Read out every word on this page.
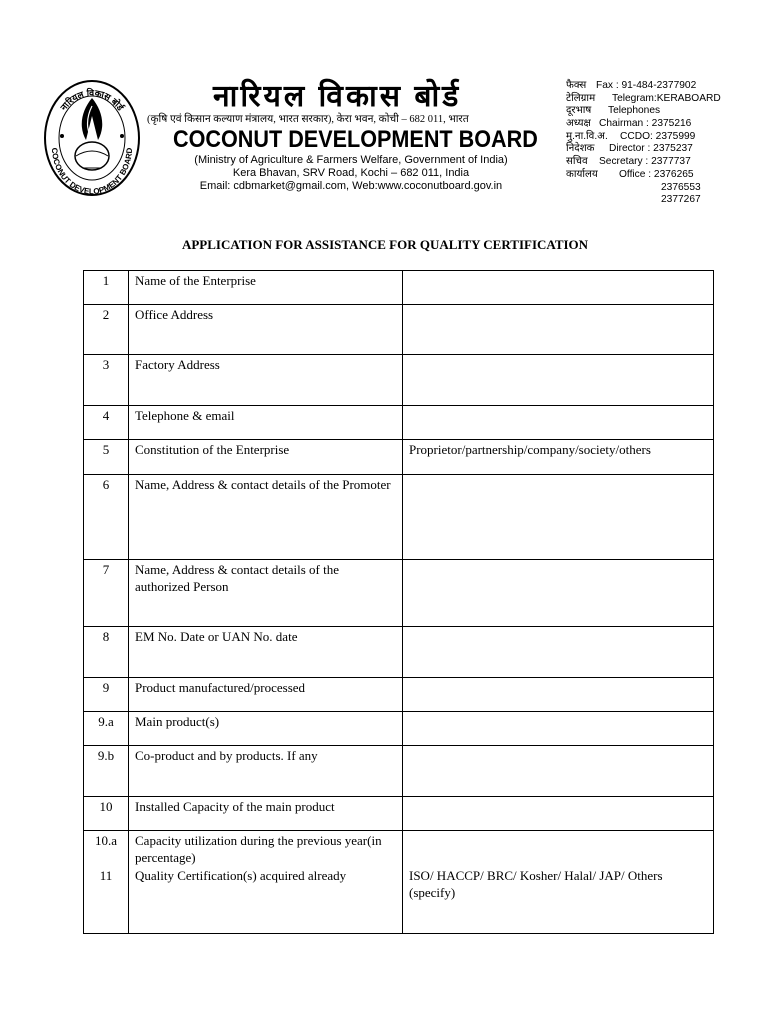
नारियल विकास बोर्ड
COCONUT DEVELOPMENT BOARD
नारियल विकास बोर्ड
(कृषि एवं किसान कल्याण मंत्रालय, भारत सरकार), केरा भवन, कोची – 682 011, भारत
COCONUT DEVELOPMENT BOARD
(Ministry of Agriculture & Farmers Welfare, Government of India)
Kera Bhavan, SRV Road, Kochi – 682 011, India
Email: cdbmarket@gmail.com, Web:www.coconutboard.gov.in
फैक्स Fax : 91-484-2377902
टेलिग्राम Telegram:KERABOARD
दूरभाष Telephones
अध्यक्ष Chairman : 2375216
मु.ना.वि.अ. CCDO: 2375999
निदेशक Director : 2375237
सचिव Secretary : 2377737
कार्यालय Office : 2376265
2376553
2377267
APPLICATION FOR ASSISTANCE FOR QUALITY CERTIFICATION
1	Name of the Enterprise	
2	Office Address	
3	Factory Address	
4	Telephone & email	
5	Constitution of the Enterprise	Proprietor/partnership/company/society/others
6	Name, Address & contact details of the Promoter	
7	Name, Address & contact details of the authorized Person	
8	EM No. Date or UAN No. date	
9	Product manufactured/processed	
9.a	Main product(s)	
9.b	Co-product and by products. If any	
10	Installed Capacity of the main product	
10.a	Capacity utilization during the previous year(in percentage)	
11	Quality Certification(s) acquired already	ISO/ HACCP/ BRC/ Kosher/ Halal/ JAP/ Others (specify)
